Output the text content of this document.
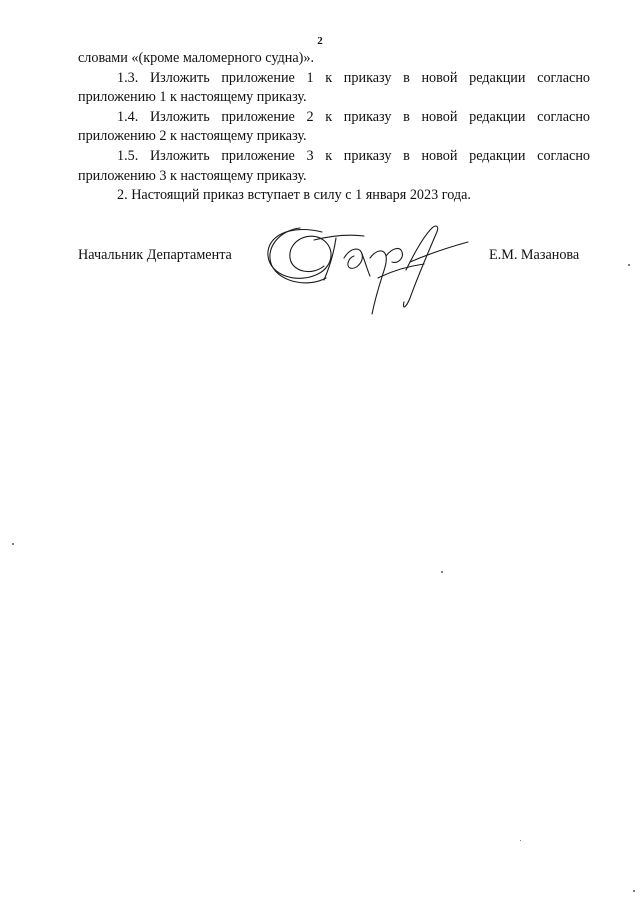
2

словами «(кроме маломерного судна)».

1.3. Изложить приложение 1 к приказу в новой редакции согласно приложению 1 к настоящему приказу.

1.4. Изложить приложение 2 к приказу в новой редакции согласно приложению 2 к настоящему приказу.

1.5. Изложить приложение 3 к приказу в новой редакции согласно приложению 3 к настоящему приказу.

2. Настоящий приказ вступает в силу с 1 января 2023 года.

Начальник Департамента	Е.М. Мазанова
